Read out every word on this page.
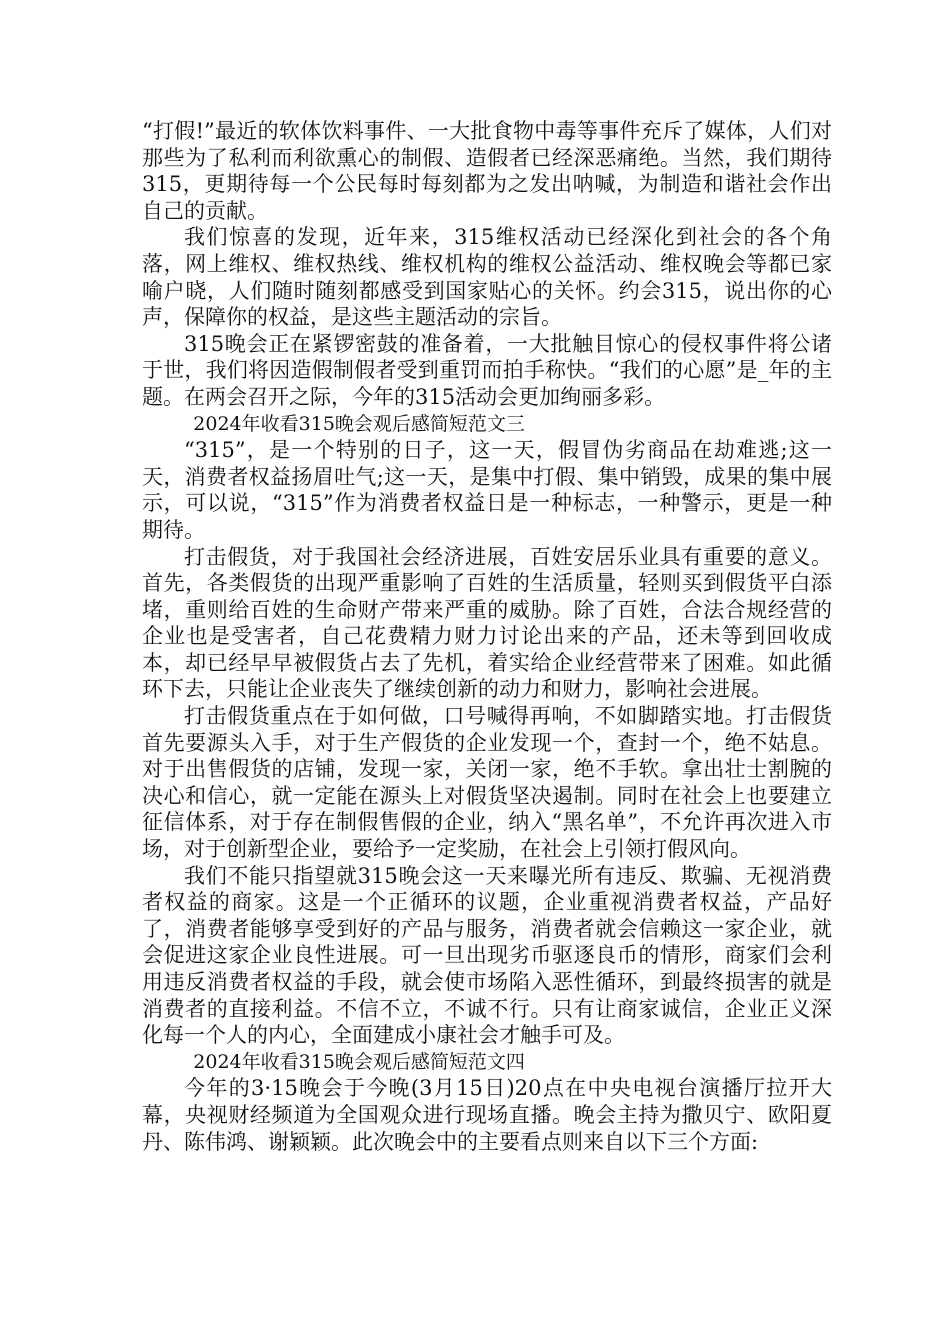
“打假!”最近的软体饮料事件、一大批食物中毒等事件充斥了媒体，人们对那些为了私利而利欲熏心的制假、造假者已经深恶痛绝。当然，我们期待315，更期待每一个公民每时每刻都为之发出呐喊，为制造和谐社会作出自己的贡献。

我们惊喜的发现，近年来，315维权活动已经深化到社会的各个角落，网上维权、维权热线、维权机构的维权公益活动、维权晚会等都已家喻户晓，人们随时随刻都感受到国家贴心的关怀。约会315，说出你的心声，保障你的权益，是这些主题活动的宗旨。

315晚会正在紧锣密鼓的准备着，一大批触目惊心的侵权事件将公诸于世，我们将因造假制假者受到重罚而拍手称快。“我们的心愿”是_年的主题。在两会召开之际，今年的315活动会更加绚丽多彩。

2024年收看315晚会观后感简短范文三

“315”，是一个特别的日子，这一天，假冒伪劣商品在劫难逃;这一天，消费者权益扬眉吐气;这一天，是集中打假、集中销毁，成果的集中展示，可以说，“315”作为消费者权益日是一种标志，一种警示，更是一种期待。

打击假货，对于我国社会经济进展，百姓安居乐业具有重要的意义。首先，各类假货的出现严重影响了百姓的生活质量，轻则买到假货平白添堵，重则给百姓的生命财产带来严重的威胁。除了百姓，合法合规经营的企业也是受害者，自己花费精力财力讨论出来的产品，还未等到回收成本，却已经早早被假货占去了先机，着实给企业经营带来了困难。如此循环下去，只能让企业丧失了继续创新的动力和财力，影响社会进展。

打击假货重点在于如何做，口号喊得再响，不如脚踏实地。打击假货首先要源头入手，对于生产假货的企业发现一个，查封一个，绝不姑息。对于出售假货的店铺，发现一家，关闭一家，绝不手软。拿出壮士割腕的决心和信心，就一定能在源头上对假货坚决遏制。同时在社会上也要建立征信体系，对于存在制假售假的企业，纳入“黑名单”，不允许再次进入市场，对于创新型企业，要给予一定奖励，在社会上引领打假风向。

我们不能只指望就315晚会这一天来曝光所有违反、欺骗、无视消费者权益的商家。这是一个正循环的议题，企业重视消费者权益，产品好了，消费者能够享受到好的产品与服务，消费者就会信赖这一家企业，就会促进这家企业良性进展。可一旦出现劣币驱逐良币的情形，商家们会利用违反消费者权益的手段，就会使市场陷入恶性循环，到最终损害的就是消费者的直接利益。不信不立，不诚不行。只有让商家诚信，企业正义深化每一个人的内心，全面建成小康社会才触手可及。

2024年收看315晚会观后感简短范文四

今年的3·15晚会于今晚(3月15日)20点在中央电视台演播厅拉开大幕，央视财经频道为全国观众进行现场直播。晚会主持为撒贝宁、欧阳夏丹、陈伟鸿、谢颖颖。此次晚会中的主要看点则来自以下三个方面:
